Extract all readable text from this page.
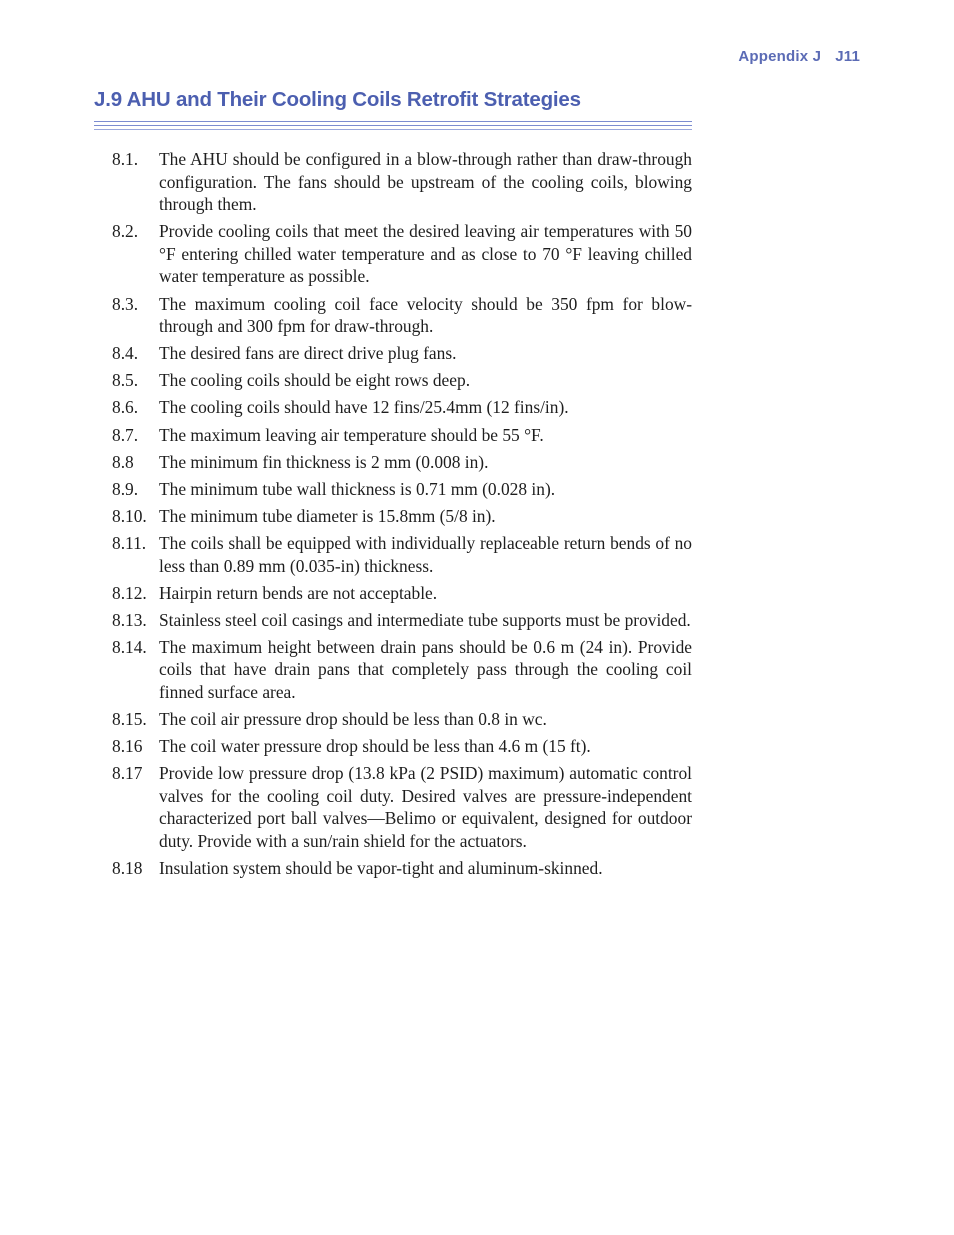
Appendix J J11
J.9 AHU and Their Cooling Coils Retrofit Strategies
8.1.	The AHU should be configured in a blow-through rather than draw-through configuration. The fans should be upstream of the cooling coils, blowing through them.
8.2.	Provide cooling coils that meet the desired leaving air temperatures with 50 °F entering chilled water temperature and as close to 70 °F leaving chilled water temperature as possible.
8.3.	The maximum cooling coil face velocity should be 350 fpm for blow-through and 300 fpm for draw-through.
8.4.	The desired fans are direct drive plug fans.
8.5.	The cooling coils should be eight rows deep.
8.6.	The cooling coils should have 12 fins/25.4mm (12 fins/in).
8.7.	The maximum leaving air temperature should be 55 °F.
8.8	The minimum fin thickness is 2 mm (0.008 in).
8.9.	The minimum tube wall thickness is 0.71 mm (0.028 in).
8.10. The minimum tube diameter is 15.8mm (5/8 in).
8.11. The coils shall be equipped with individually replaceable return bends of no less than 0.89 mm (0.035-in) thickness.
8.12. Hairpin return bends are not acceptable.
8.13. Stainless steel coil casings and intermediate tube supports must be provided.
8.14. The maximum height between drain pans should be 0.6 m (24 in). Provide coils that have drain pans that completely pass through the cooling coil finned surface area.
8.15. The coil air pressure drop should be less than 0.8 in wc.
8.16 The coil water pressure drop should be less than 4.6 m (15 ft).
8.17 Provide low pressure drop (13.8 kPa (2 PSID) maximum) automatic control valves for the cooling coil duty. Desired valves are pressure-independent characterized port ball valves—Belimo or equivalent, designed for outdoor duty. Provide with a sun/rain shield for the actuators.
8.18 Insulation system should be vapor-tight and aluminum-skinned.
